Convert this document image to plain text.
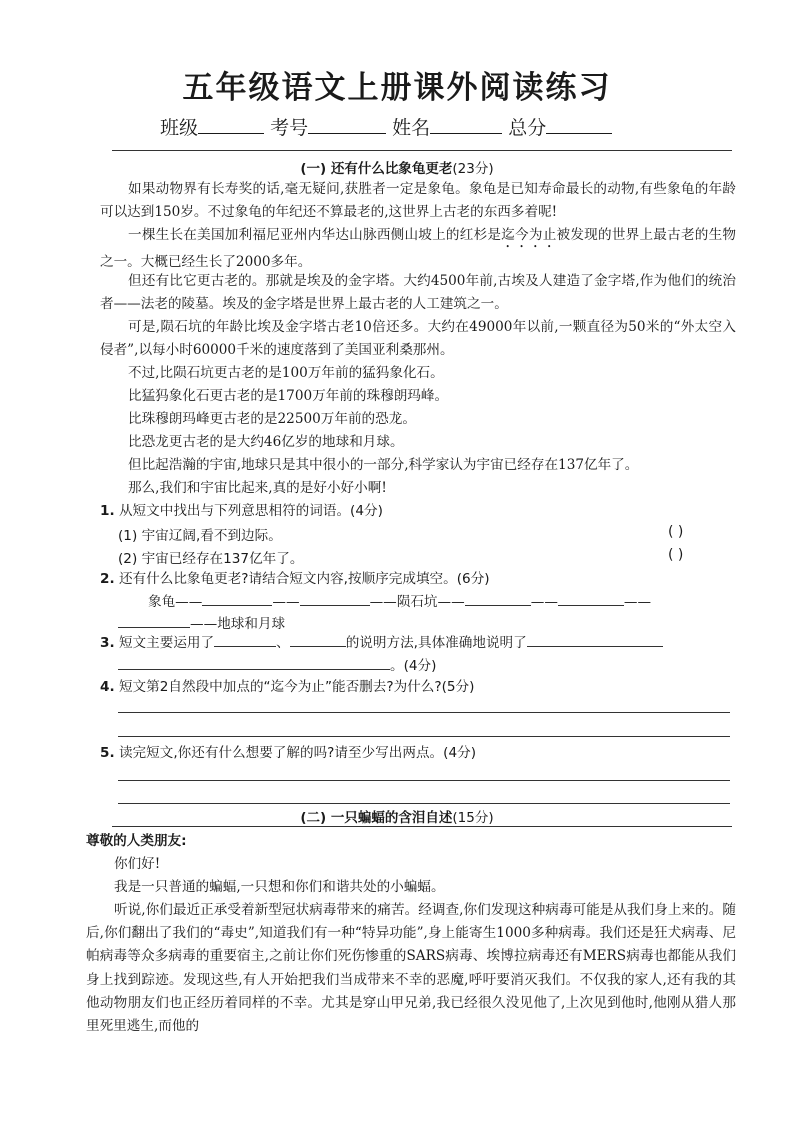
五年级语文上册课外阅读练习
班级	考号	姓名	总分
(一) 还有什么比象龟更老(23分)
如果动物界有长寿奖的话,毫无疑问,获胜者一定是象龟。象龟是已知寿命最长的动物,有些象龟的年龄可以达到150岁。不过象龟的年纪还不算最老的,这世界上古老的东西多着呢!
一棵生长在美国加利福尼亚州内华达山脉西侧山坡上的红杉是迄今为止被发现的世界上最古老的生物之一。大概已经生长了2000多年。
但还有比它更古老的。那就是埃及的金字塔。大约4500年前,古埃及人建造了金字塔,作为他们的统治者——法老的陵墓。埃及的金字塔是世界上最古老的人工建筑之一。
可是,陨石坑的年龄比埃及金字塔古老10倍还多。大约在49000年以前,一颗直径为50米的“外太空入侵者”,以每小时60000千米的速度落到了美国亚利桑那州。
不过,比陨石坑更古老的是100万年前的猛犸象化石。
比猛犸象化石更古老的是1700万年前的珠穆朗玛峰。
比珠穆朗玛峰更古老的是22500万年前的恐龙。
比恐龙更古老的是大约46亿岁的地球和月球。
但比起浩瀚的宇宙,地球只是其中很小的一部分,科学家认为宇宙已经存在137亿年了。
那么,我们和宇宙比起来,真的是好小好小啊!
1. 从短文中找出与下列意思相符的词语。(4分)
(1) 宇宙辽阔,看不到边际。	( )
(2) 宇宙已经存在137亿年了。	( )
2. 还有什么比象龟更老?请结合短文内容,按顺序完成填空。(6分)
象龟——	——	——陨石坑——	——	——
——地球和月球
3. 短文主要运用了	、	的说明方法,具体准确地说明了
。(4分)
4. 短文第2自然段中加点的“迄今为止”能否删去?为什么?(5分)
5. 读完短文,你还有什么想要了解的吗?请至少写出两点。(4分)
(二) 一只蝙蝠的含泪自述(15分)
尊敬的人类朋友:
你们好!
我是一只普通的蝙蝠,一只想和你们和谐共处的小蝙蝠。
听说,你们最近正承受着新型冠状病毒带来的痛苦。经调查,你们发现这种病毒可能是从我们身上来的。随后,你们翻出了我们的“毒史”,知道我们有一种“特异功能”,身上能寄生1000多种病毒。我们还是狂犬病毒、尼帕病毒等众多病毒的重要宿主,之前让你们死伤惨重的SARS病毒、埃博拉病毒还有MERS病毒也都能从我们身上找到踪迹。发现这些,有人开始把我们当成带来不幸的恶魔,呼吁要消灭我们。不仅我的家人,还有我的其他动物朋友们也正经历着同样的不幸。尤其是穿山甲兄弟,我已经很久没见他了,上次见到他时,他刚从猎人那里死里逃生,而他的
